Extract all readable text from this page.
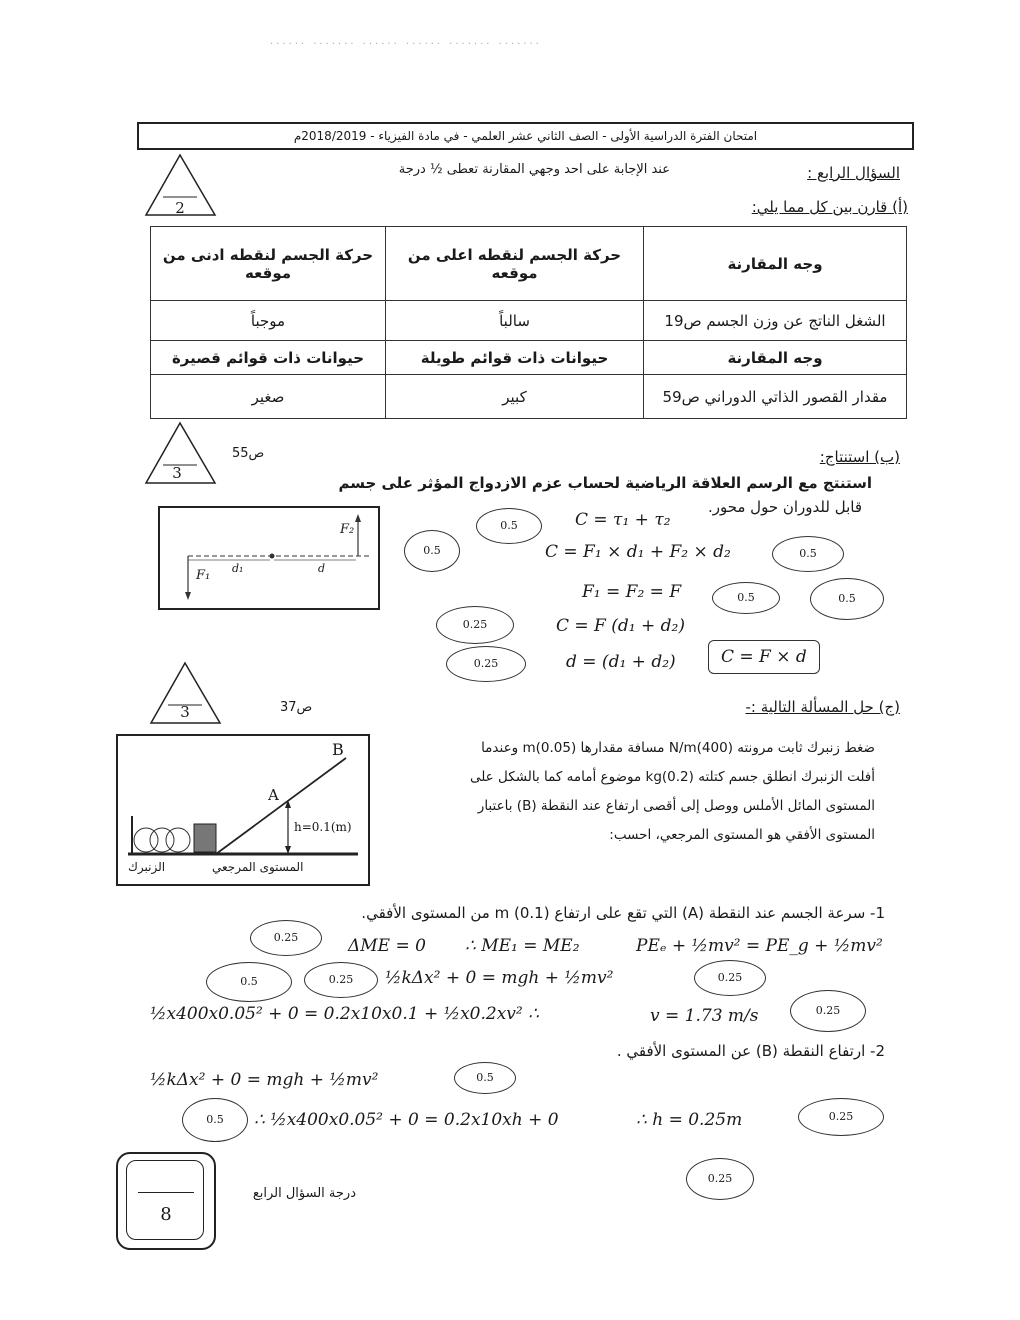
...... ....... ...... ...... ....... .......
امتحان الفترة الدراسية الأولى - الصف الثاني عشر العلمي - في مادة الفيزياء - 2018/2019م
2
السؤال الرابع :
عند الإجابة على احد وجهي المقارنة تعطى ½ درجة
(أ) قارن بين كل مما يلي:
وجه المقارنة	حركة الجسم لنقطه اعلى من موقعه	حركة الجسم لنقطه ادنى من موقعه
الشغل الناتج عن وزن الجسم ص19	سالباً	موجباً
وجه المقارنة	حيوانات ذات قوائم طويلة	حيوانات ذات قوائم قصيرة
مقدار القصور الذاتي الدوراني ص59	كبير	صغير
3
ص55	(ب) استنتاج:
استنتج مع الرسم العلاقة الرياضية لحساب عزم الازدواج المؤثر على جسم
قابل للدوران حول محور.
F₂
F₁ d₁	d
0.5
0.5	C = τ₁ + τ₂
C = F₁ × d₁ + F₂ × d₂	0.5
F₁ = F₂ = F	0.5	0.5
0.25	C = F (d₁ + d₂)
0.25	d = (d₁ + d₂)	C = F × d
3	ص37	(ج) حل المسألة التالية :-
B
A
h=0.1(m)
المستوى المرجعي
الزنبرك
ضغط زنبرك ثابت مرونته (400)N/m مسافة مقدارها (0.05)m وعندما
أفلت الزنبرك انطلق جسم كتلته (0.2)kg موضوع أمامه كما بالشكل على
المستوى المائل الأملس ووصل إلى أقصى ارتفاع عند النقطة (B) باعتبار
المستوى الأفقي هو المستوى المرجعي، احسب:
1- سرعة الجسم عند النقطة (A) التي تقع على ارتفاع (0.1) m من المستوى الأفقي.
0.25	ΔME = 0 ∴ ME₁ = ME₂	PEₑ + ½mv² = PE_g + ½mv²
0.5	0.25	½kΔx² + 0 = mgh + ½mv²	0.25
½x400x0.05² + 0 = 0.2x10x0.1 + ½x0.2xv² ∴	v = 1.73 m/s	0.25
2- ارتفاع النقطة (B) عن المستوى الأفقي .
½kΔx² + 0 = mgh + ½mv²	0.5
0.5	∴ ½x400x0.05² + 0 = 0.2x10xh + 0	∴ h = 0.25m	0.25
0.25
8
درجة السؤال الرابع
